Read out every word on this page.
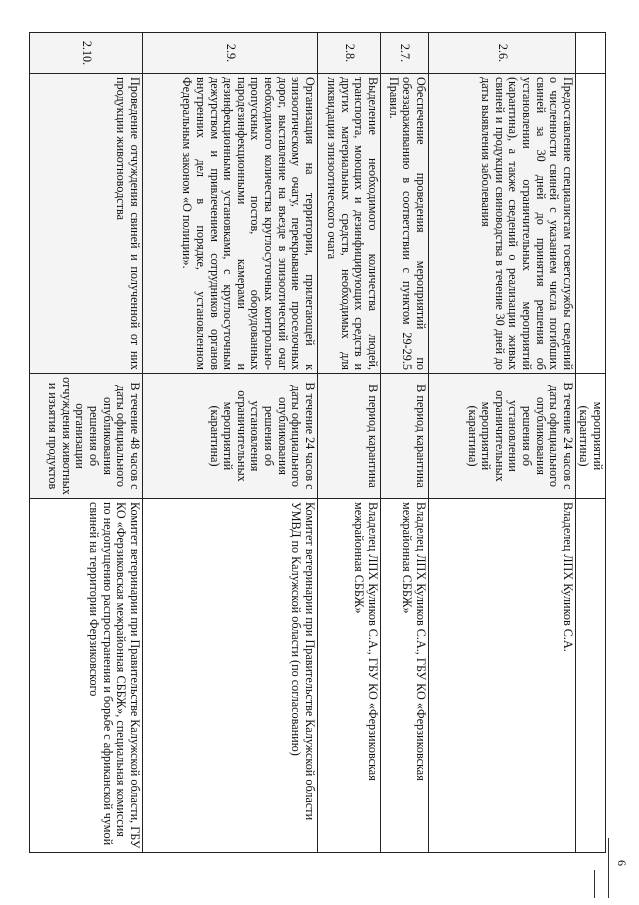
6
		мероприятий (карантина)	
2.6.	Предоставление специалистам госветслужбы сведений о численности свиней с указанием числа погибших свиней за 30 дней до принятия решения об установлении ограничительных мероприятий (карантина), а также сведений о реализации живых свиней и продукции свиноводства в течение 30 дней до даты выявления заболевания	В течение 24 часов с даты официального опубликования решения об установлении ограничительных мероприятий (карантина)	Владелец ЛПХ Куликов С.А.
2.7.	Обеспечение проведения мероприятий по обеззараживанию в соответствии с пунктом 29-29.5 Правил.	В период карантина	Владелец ЛПХ Куликов С.А., ГБУ КО «Ферзиковская межрайонная СББЖ»
2.8.	Выделение необходимого количества людей, транспорта, моющих и дезинфицирующих средств и других материальных средств, необходимых для ликвидации эпизоотического очага	В период карантина	Владелец ЛПХ Куликов С.А., ГБУ КО «Ферзиковская межрайонная СББЖ»
2.9.	Организация на территории, прилегающей к эпизоотическому очагу, перекрывание проселочных дорог, выставление на въезде в эпизоотический очаг необходимого количества круглосуточных контрольно-пропускных постов, оборудованных пародезинфекционными камерами и дезинфекционными установками, с круглосуточным дежурством и привлечением сотрудников органов внутренних дел в порядке, установленном Федеральным законом «О полиции».	В течение 24 часов с даты официального опубликования решения об установления ограничительных мероприятий (карантина)	Комитет ветеринарии при Правительстве Калужской области УМВД по Калужской области (по согласованию)
2.10.	Проведение отчуждения свиней и полученной от них продукции животноводства	В течение 48 часов с даты официального опубликования решения об организации отчуждения животных и изъятия продуктов	Комитет ветеринарии при Правительстве Калужской области, ГБУ КО «Ферзиковская межрайонная СББЖ», специальная комиссия по недопущению распространения и борьбе с африканской чумой свиней на территории Ферзиковского
